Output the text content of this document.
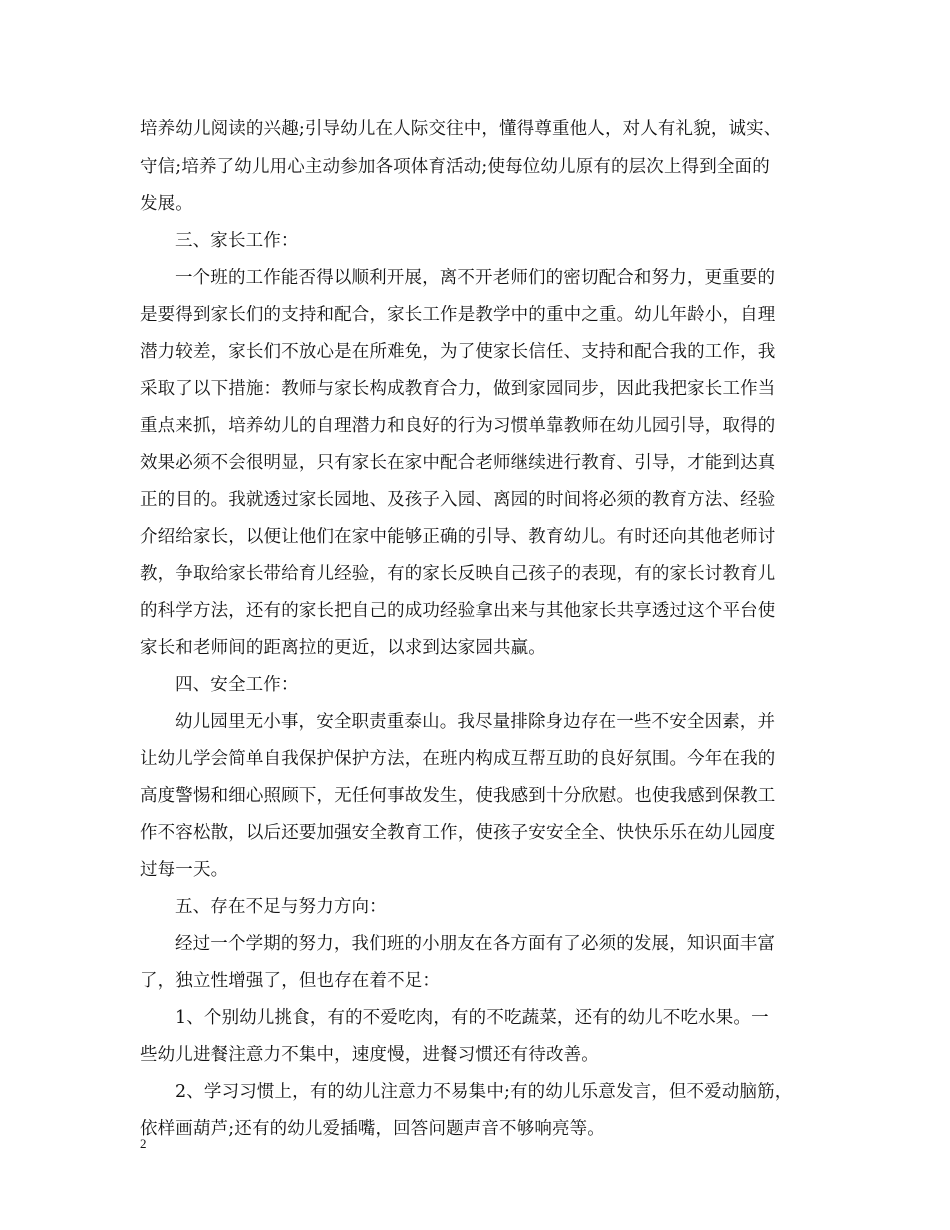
培养幼儿阅读的兴趣;引导幼儿在人际交往中，懂得尊重他人，对人有礼貌，诚实、
守信;培养了幼儿用心主动参加各项体育活动;使每位幼儿原有的层次上得到全面的
发展。
三、家长工作：
一个班的工作能否得以顺利开展，离不开老师们的密切配合和努力，更重要的
是要得到家长们的支持和配合，家长工作是教学中的重中之重。幼儿年龄小，自理
潜力较差，家长们不放心是在所难免，为了使家长信任、支持和配合我的工作，我
采取了以下措施：教师与家长构成教育合力，做到家园同步，因此我把家长工作当
重点来抓，培养幼儿的自理潜力和良好的行为习惯单靠教师在幼儿园引导，取得的
效果必须不会很明显，只有家长在家中配合老师继续进行教育、引导，才能到达真
正的目的。我就透过家长园地、及孩子入园、离园的时间将必须的教育方法、经验
介绍给家长，以便让他们在家中能够正确的引导、教育幼儿。有时还向其他老师讨
教，争取给家长带给育儿经验，有的家长反映自己孩子的表现，有的家长讨教育儿
的科学方法，还有的家长把自己的成功经验拿出来与其他家长共享透过这个平台使
家长和老师间的距离拉的更近，以求到达家园共赢。
四、安全工作：
幼儿园里无小事，安全职责重泰山。我尽量排除身边存在一些不安全因素，并
让幼儿学会简单自我保护保护方法，在班内构成互帮互助的良好氛围。今年在我的
高度警惕和细心照顾下，无任何事故发生，使我感到十分欣慰。也使我感到保教工
作不容松散，以后还要加强安全教育工作，使孩子安安全全、快快乐乐在幼儿园度
过每一天。
五、存在不足与努力方向：
经过一个学期的努力，我们班的小朋友在各方面有了必须的发展，知识面丰富
了，独立性增强了，但也存在着不足：
1、个别幼儿挑食，有的不爱吃肉，有的不吃蔬菜，还有的幼儿不吃水果。一
些幼儿进餐注意力不集中，速度慢，进餐习惯还有待改善。
2、学习习惯上，有的幼儿注意力不易集中;有的幼儿乐意发言，但不爱动脑筋，
依样画葫芦;还有的幼儿爱插嘴，回答问题声音不够响亮等。
2
